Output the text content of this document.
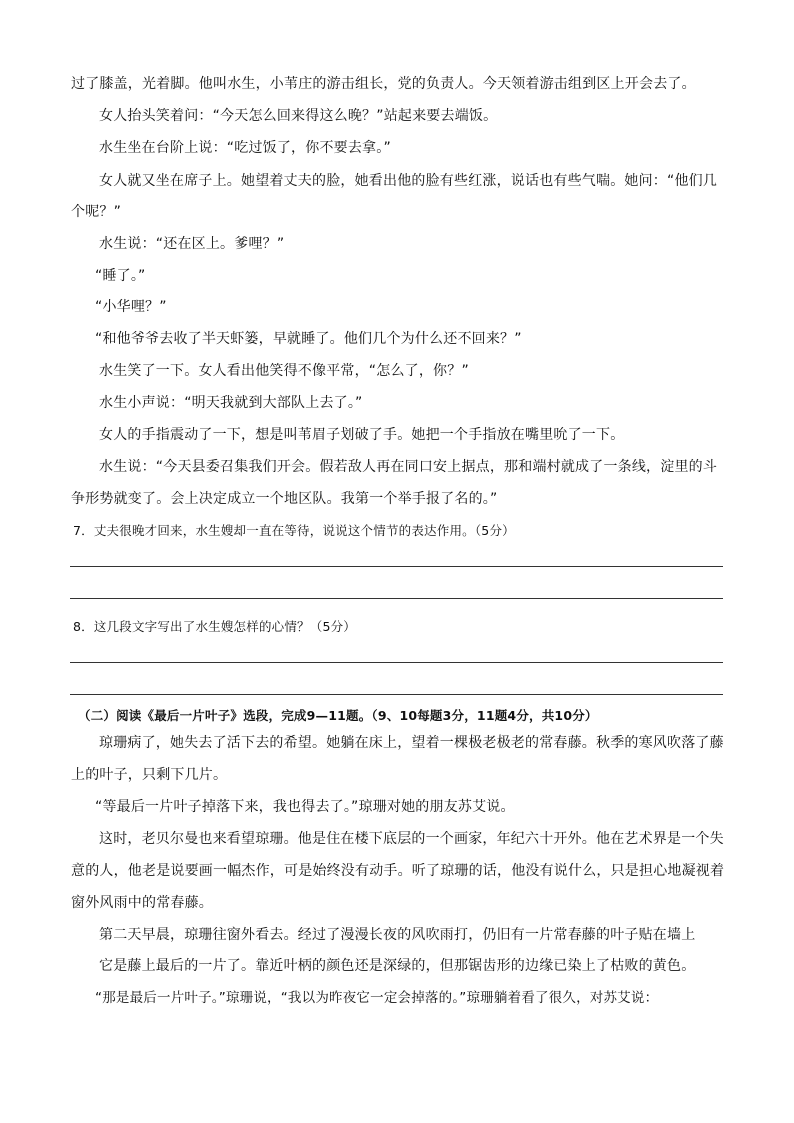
过了膝盖，光着脚。他叫水生，小苇庄的游击组长，党的负责人。今天领着游击组到区上开会去了。
女人抬头笑着问：“今天怎么回来得这么晚？”站起来要去端饭。
水生坐在台阶上说：“吃过饭了，你不要去拿。”
女人就又坐在席子上。她望着丈夫的脸，她看出他的脸有些红涨，说话也有些气喘。她问：“他们几
个呢？”
水生说：“还在区上。爹哩？”
“睡了。”
“小华哩？”
“和他爷爷去收了半天虾篓，早就睡了。他们几个为什么还不回来？”
水生笑了一下。女人看出他笑得不像平常，“怎么了，你？”
水生小声说：“明天我就到大部队上去了。”
女人的手指震动了一下，想是叫苇眉子划破了手。她把一个手指放在嘴里吮了一下。
水生说：“今天县委召集我们开会。假若敌人再在同口安上据点，那和端村就成了一条线，淀里的斗
争形势就变了。会上决定成立一个地区队。我第一个举手报了名的。”
7．丈夫很晚才回来，水生嫂却一直在等待，说说这个情节的表达作用。（5分）
8．这几段文字写出了水生嫂怎样的心情？（5分）
（二）阅读《最后一片叶子》选段，完成9—11题。（9、10每题3分，11题4分，共10分）
琼珊病了，她失去了活下去的希望。她躺在床上，望着一棵极老极老的常春藤。秋季的寒风吹落了藤
上的叶子，只剩下几片。
“等最后一片叶子掉落下来，我也得去了。”琼珊对她的朋友苏艾说。
这时，老贝尔曼也来看望琼珊。他是住在楼下底层的一个画家，年纪六十开外。他在艺术界是一个失
意的人，他老是说要画一幅杰作，可是始终没有动手。听了琼珊的话，他没有说什么，只是担心地凝视着
窗外风雨中的常春藤。
第二天早晨，琼珊往窗外看去。经过了漫漫长夜的风吹雨打，仍旧有一片常春藤的叶子贴在墙上
它是藤上最后的一片了。靠近叶柄的颜色还是深绿的，但那锯齿形的边缘已染上了枯败的黄色。
“那是最后一片叶子。”琼珊说，“我以为昨夜它一定会掉落的。”琼珊躺着看了很久，对苏艾说：
